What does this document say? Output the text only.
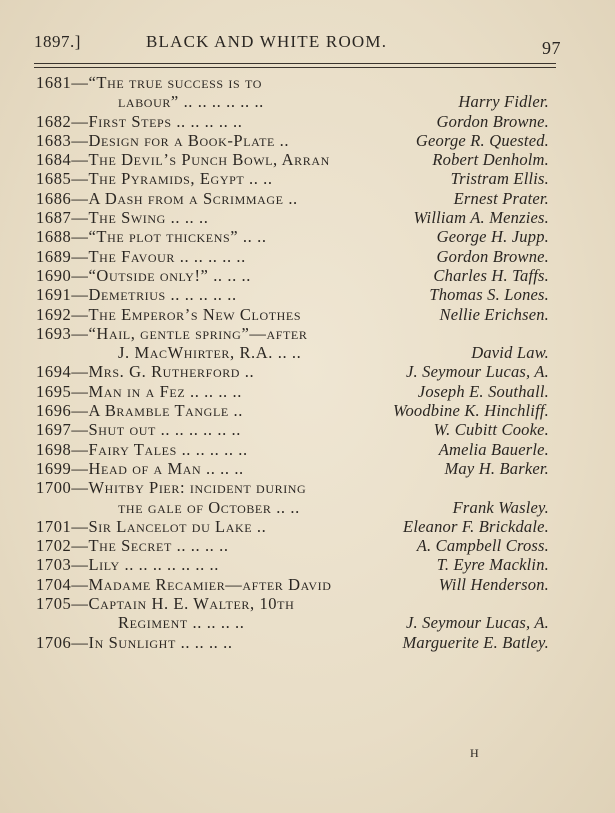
1897.]	BLACK AND WHITE ROOM.	97
1681—“The true success is to
labour” .. .. .. .. .. ..	Harry Fidler.
1682—First Steps .. .. .. .. ..	Gordon Browne.
1683—Design for a Book-Plate ..	George R. Quested.
1684—The Devil’s Punch Bowl, Arran	Robert Denholm.
1685—The Pyramids, Egypt .. ..	Tristram Ellis.
1686—A Dash from a Scrimmage ..	Ernest Prater.
1687—The Swing .. .. ..	William A. Menzies.
1688—“The plot thickens” .. ..	George H. Jupp.
1689—The Favour .. .. .. .. ..	Gordon Browne.
1690—“Outside only!” .. .. ..	Charles H. Taffs.
1691—Demetrius .. .. .. .. ..	Thomas S. Lones.
1692—The Emperor’s New Clothes	Nellie Erichsen.
1693—“Hail, gentle spring”—after
J. MacWhirter, R.A. .. ..	David Law.
1694—Mrs. G. Rutherford ..	J. Seymour Lucas, A.
1695—Man in a Fez .. .. .. ..	Joseph E. Southall.
1696—A Bramble Tangle ..	Woodbine K. Hinchliff.
1697—Shut out .. .. .. .. .. ..	W. Cubitt Cooke.
1698—Fairy Tales .. .. .. .. ..	Amelia Bauerle.
1699—Head of a Man .. .. ..	May H. Barker.
1700—Whitby Pier: incident during
the gale of October .. ..	Frank Wasley.
1701—Sir Lancelot du Lake ..	Eleanor F. Brickdale.
1702—The Secret .. .. .. ..	A. Campbell Cross.
1703—Lily .. .. .. .. .. .. ..	T. Eyre Macklin.
1704—Madame Recamier—after David	Will Henderson.
1705—Captain H. E. Walter, 10th
Regiment .. .. .. ..	J. Seymour Lucas, A.
1706—In Sunlight .. .. .. ..	Marguerite E. Batley.
H
